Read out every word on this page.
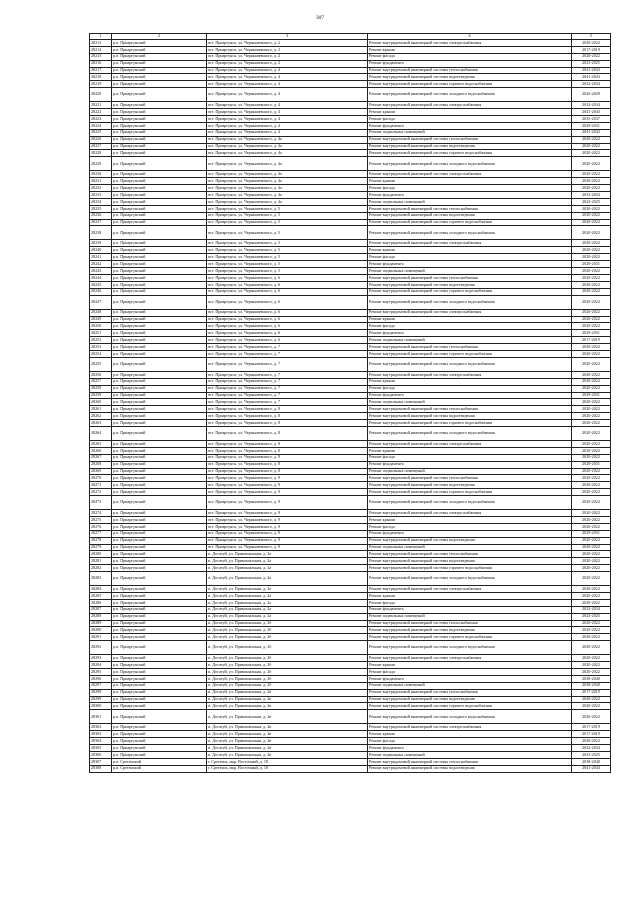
307
1	2	3	4	5
28213	р.п. Приаргунский	пгт. Приаргунск, ул. Чернышевского, д. 2	Ремонт внутридомовой инженерной системы электроснабжения	2020-2022
28214	р.п. Приаргунский	пгт. Приаргунск, ул. Чернышевского, д. 2	Ремонт крыши	2017-2019
28215	р.п. Приаргунский	пгт. Приаргунск, ул. Чернышевского, д. 2	Ремонт фасада	2020-2022
28216	р.п. Приаргунский	пгт. Приаргунск, ул. Чернышевского, д. 2	Ремонт фундамента	2023-2025
28217	р.п. Приаргунский	пгт. Приаргунск, ул. Чернышевского, д. 4	Ремонт внутридомовой инженерной системы теплоснабжения	2041-2043
28218	р.п. Приаргунский	пгт. Приаргунск, ул. Чернышевского, д. 4	Ремонт внутридомовой инженерной системы водоотведения	2041-2043
28219	р.п. Приаргунский	пгт. Приаргунск, ул. Чернышевского, д. 4	Ремонт внутридомовой инженерной системы горячего водоснабжения	2032-2034
28220	р.п. Приаргунский	пгт. Приаргунск, ул. Чернышевского, д. 4	Ремонт внутридомовой инженерной системы холодного водоснабжения	2026-2028
28221	р.п. Приаргунский	пгт. Приаргунск, ул. Чернышевского, д. 4	Ремонт внутридомовой инженерной системы электроснабжения	2032-2034
28222	р.п. Приаргунский	пгт. Приаргунск, ул. Чернышевского, д. 4	Ремонт крыши	2041-2043
28223	р.п. Приаргунский	пгт. Приаргунск, ул. Чернышевского, д. 4	Ремонт фасада	2035-2037
28224	р.п. Приаргунский	пгт. Приаргунск, ул. Чернышевского, д. 4	Ремонт фундамента	2029-2031
28225	р.п. Приаргунский	пгт. Приаргунск, ул. Чернышевского, д. 4	Ремонт подвальных помещений	2041-2043
28226	р.п. Приаргунский	пгт. Приаргунск, ул. Чернышевского, д. 4а	Ремонт внутридомовой инженерной системы теплоснабжения	2020-2022
28227	р.п. Приаргунский	пгт. Приаргунск, ул. Чернышевского, д. 4а	Ремонт внутридомовой инженерной системы водоотведения	2020-2022
28228	р.п. Приаргунский	пгт. Приаргунск, ул. Чернышевского, д. 4а	Ремонт внутридомовой инженерной системы горячего водоснабжения	2020-2022
28229	р.п. Приаргунский	пгт. Приаргунск, ул. Чернышевского, д. 4а	Ремонт внутридомовой инженерной системы холодного водоснабжения	2020-2022
28230	р.п. Приаргунский	пгт. Приаргунск, ул. Чернышевского, д. 4а	Ремонт внутридомовой инженерной системы электроснабжения	2020-2022
28231	р.п. Приаргунский	пгт. Приаргунск, ул. Чернышевского, д. 4а	Ремонт крыши	2020-2022
28232	р.п. Приаргунский	пгт. Приаргунск, ул. Чернышевского, д. 4а	Ремонт фасада	2020-2022
28233	р.п. Приаргунский	пгт. Приаргунск, ул. Чернышевского, д. 4а	Ремонт фундамента	2032-2034
28234	р.п. Приаргунский	пгт. Приаргунск, ул. Чернышевского, д. 4а	Ремонт подвальных помещений	2023-2025
28235	р.п. Приаргунский	пгт. Приаргунск, ул. Чернышевского, д. 5	Ремонт внутридомовой инженерной системы теплоснабжения	2020-2022
28236	р.п. Приаргунский	пгт. Приаргунск, ул. Чернышевского, д. 5	Ремонт внутридомовой инженерной системы водоотведения	2020-2022
28237	р.п. Приаргунский	пгт. Приаргунск, ул. Чернышевского, д. 5	Ремонт внутридомовой инженерной системы горячего водоснабжения	2020-2022
28238	р.п. Приаргунский	пгт. Приаргунск, ул. Чернышевского, д. 5	Ремонт внутридомовой инженерной системы холодного водоснабжения	2020-2022
28239	р.п. Приаргунский	пгт. Приаргунск, ул. Чернышевского, д. 5	Ремонт внутридомовой инженерной системы электроснабжения	2020-2022
28240	р.п. Приаргунский	пгт. Приаргунск, ул. Чернышевского, д. 5	Ремонт крыши	2020-2022
28241	р.п. Приаргунский	пгт. Приаргунск, ул. Чернышевского, д. 5	Ремонт фасада	2020-2022
28242	р.п. Приаргунский	пгт. Приаргунск, ул. Чернышевского, д. 5	Ремонт фундамента	2029-2031
28243	р.п. Приаргунский	пгт. Приаргунск, ул. Чернышевского, д. 5	Ремонт подвальных помещений	2020-2022
28244	р.п. Приаргунский	пгт. Приаргунск, ул. Чернышевского, д. 6	Ремонт внутридомовой инженерной системы теплоснабжения	2020-2022
28245	р.п. Приаргунский	пгт. Приаргунск, ул. Чернышевского, д. 6	Ремонт внутридомовой инженерной системы водоотведения	2020-2022
28246	р.п. Приаргунский	пгт. Приаргунск, ул. Чернышевского, д. 6	Ремонт внутридомовой инженерной системы горячего водоснабжения	2020-2022
28247	р.п. Приаргунский	пгт. Приаргунск, ул. Чернышевского, д. 6	Ремонт внутридомовой инженерной системы холодного водоснабжения	2020-2022
28248	р.п. Приаргунский	пгт. Приаргунск, ул. Чернышевского, д. 6	Ремонт внутридомовой инженерной системы электроснабжения	2020-2022
28249	р.п. Приаргунский	пгт. Приаргунск, ул. Чернышевского, д. 6	Ремонт крыши	2020-2022
28250	р.п. Приаргунский	пгт. Приаргунск, ул. Чернышевского, д. 6	Ремонт фасада	2020-2022
28251	р.п. Приаргунский	пгт. Приаргунск, ул. Чернышевского, д. 6	Ремонт фундамента	2029-2031
28252	р.п. Приаргунский	пгт. Приаргунск, ул. Чернышевского, д. 6	Ремонт подвальных помещений	2017-2019
28253	р.п. Приаргунский	пгт. Приаргунск, ул. Чернышевского, д. 7	Ремонт внутридомовой инженерной системы теплоснабжения	2020-2022
28254	р.п. Приаргунский	пгт. Приаргунск, ул. Чернышевского, д. 7	Ремонт внутридомовой инженерной системы горячего водоснабжения	2020-2022
28255	р.п. Приаргунский	пгт. Приаргунск, ул. Чернышевского, д. 7	Ремонт внутридомовой инженерной системы холодного водоснабжения	2020-2022
28256	р.п. Приаргунский	пгт. Приаргунск, ул. Чернышевского, д. 7	Ремонт внутридомовой инженерной системы электроснабжения	2020-2022
28257	р.п. Приаргунский	пгт. Приаргунск, ул. Чернышевского, д. 7	Ремонт крыши	2020-2022
28258	р.п. Приаргунский	пгт. Приаргунск, ул. Чернышевского, д. 7	Ремонт фасада	2020-2022
28259	р.п. Приаргунский	пгт. Приаргунск, ул. Чернышевского, д. 7	Ремонт фундамента	2029-2031
28260	р.п. Приаргунский	пгт. Приаргунск, ул. Чернышевского, д. 7	Ремонт подвальных помещений	2020-2022
28261	р.п. Приаргунский	пгт. Приаргунск, ул. Чернышевского, д. 8	Ремонт внутридомовой инженерной системы теплоснабжения	2020-2022
28262	р.п. Приаргунский	пгт. Приаргунск, ул. Чернышевского, д. 8	Ремонт внутридомовой инженерной системы водоотведения	2020-2022
28263	р.п. Приаргунский	пгт. Приаргунск, ул. Чернышевского, д. 8	Ремонт внутридомовой инженерной системы горячего водоснабжения	2020-2022
28264	р.п. Приаргунский	пгт. Приаргунск, ул. Чернышевского, д. 8	Ремонт внутридомовой инженерной системы холодного водоснабжения	2020-2022
28265	р.п. Приаргунский	пгт. Приаргунск, ул. Чернышевского, д. 8	Ремонт внутридомовой инженерной системы электроснабжения	2020-2022
28266	р.п. Приаргунский	пгт. Приаргунск, ул. Чернышевского, д. 8	Ремонт крыши	2020-2022
28267	р.п. Приаргунский	пгт. Приаргунск, ул. Чернышевского, д. 8	Ремонт фасада	2020-2022
28268	р.п. Приаргунский	пгт. Приаргунск, ул. Чернышевского, д. 8	Ремонт фундамента	2029-2031
28269	р.п. Приаргунский	пгт. Приаргунск, ул. Чернышевского, д. 8	Ремонт подвальных помещений	2020-2022
28270	р.п. Приаргунский	пгт. Приаргунск, ул. Чернышевского, д. 9	Ремонт внутридомовой инженерной системы теплоснабжения	2020-2022
28271	р.п. Приаргунский	пгт. Приаргунск, ул. Чернышевского, д. 9	Ремонт внутридомовой инженерной системы водоотведения	2020-2022
28272	р.п. Приаргунский	пгт. Приаргунск, ул. Чернышевского, д. 9	Ремонт внутридомовой инженерной системы горячего водоснабжения	2020-2022
28273	р.п. Приаргунский	пгт. Приаргунск, ул. Чернышевского, д. 9	Ремонт внутридомовой инженерной системы холодного водоснабжения	2020-2022
28274	р.п. Приаргунский	пгт. Приаргунск, ул. Чернышевского, д. 9	Ремонт внутридомовой инженерной системы электроснабжения	2020-2022
28275	р.п. Приаргунский	пгт. Приаргунск, ул. Чернышевского, д. 9	Ремонт крыши	2020-2022
28276	р.п. Приаргунский	пгт. Приаргунск, ул. Чернышевского, д. 9	Ремонт фасада	2020-2022
28277	р.п. Приаргунский	пгт. Приаргунск, ул. Чернышевского, д. 9	Ремонт фундамента	2029-2031
28278	р.п. Приаргунский	пгт. Приаргунск, ул. Чернышевского, д. 9	Ремонт внутридомовой инженерной системы водоотведения	2020-2022
28279	р.п. Приаргунский	пгт. Приаргунск, ул. Чернышевского, д. 9	Ремонт подвальных помещений	2020-2022
28280	р.п. Приаргунский	п. Досатуй, ул. Привокзальная, д. 2а	Ремонт внутридомовой инженерной системы теплоснабжения	2020-2022
28281	р.п. Приаргунский	п. Досатуй, ул. Привокзальная, д. 2а	Ремонт внутридомовой инженерной системы водоотведения	2020-2022
28282	р.п. Приаргунский	п. Досатуй, ул. Привокзальная, д. 2а	Ремонт внутридомовой инженерной системы горячего водоснабжения	2020-2022
28283	р.п. Приаргунский	п. Досатуй, ул. Привокзальная, д. 2а	Ремонт внутридомовой инженерной системы холодного водоснабжения	2020-2022
28284	р.п. Приаргунский	п. Досатуй, ул. Привокзальная, д. 2а	Ремонт внутридомовой инженерной системы электроснабжения	2020-2022
28285	р.п. Приаргунский	п. Досатуй, ул. Привокзальная, д. 2а	Ремонт крыши	2020-2022
28286	р.п. Приаргунский	п. Досатуй, ул. Привокзальная, д. 2а	Ремонт фасада	2020-2022
28287	р.п. Приаргунский	п. Досатуй, ул. Привокзальная, д. 2а	Ремонт фундамента	2032-2034
28288	р.п. Приаргунский	п. Досатуй, ул. Привокзальная, д. 2а	Ремонт подвальных помещений	2023-2025
28289	р.п. Приаргунский	п. Досатуй, ул. Привокзальная, д. 2б	Ремонт внутридомовой инженерной системы теплоснабжения	2020-2022
28290	р.п. Приаргунский	п. Досатуй, ул. Привокзальная, д. 2б	Ремонт внутридомовой инженерной системы водоотведения	2020-2022
28291	р.п. Приаргунский	п. Досатуй, ул. Привокзальная, д. 2б	Ремонт внутридомовой инженерной системы горячего водоснабжения	2020-2022
28292	р.п. Приаргунский	п. Досатуй, ул. Привокзальная, д. 2б	Ремонт внутридомовой инженерной системы холодного водоснабжения	2020-2022
28293	р.п. Приаргунский	п. Досатуй, ул. Привокзальная, д. 2б	Ремонт внутридомовой инженерной системы электроснабжения	2020-2022
28294	р.п. Приаргунский	п. Досатуй, ул. Привокзальная, д. 2б	Ремонт крыши	2020-2022
28295	р.п. Приаргунский	п. Досатуй, ул. Привокзальная, д. 2б	Ремонт фасада	2020-2022
28296	р.п. Приаргунский	п. Досатуй, ул. Привокзальная, д. 2б	Ремонт фундамента	2038-2040
28297	р.п. Приаргунский	п. Досатуй, ул. Привокзальная, д. 2б	Ремонт подвальных помещений	2038-2040
28298	р.п. Приаргунский	п. Досатуй, ул. Привокзальная, д. 2в	Ремонт внутридомовой инженерной системы теплоснабжения	2017-2019
28299	р.п. Приаргунский	п. Досатуй, ул. Привокзальная, д. 2в	Ремонт внутридомовой инженерной системы водоотведения	2020-2022
28300	р.п. Приаргунский	п. Досатуй, ул. Привокзальная, д. 2в	Ремонт внутридомовой инженерной системы горячего водоснабжения	2020-2022
28301	р.п. Приаргунский	п. Досатуй, ул. Привокзальная, д. 2в	Ремонт внутридомовой инженерной системы холодного водоснабжения	2020-2022
28302	р.п. Приаргунский	п. Досатуй, ул. Привокзальная, д. 2в	Ремонт внутридомовой инженерной системы электроснабжения	2017-2019
28303	р.п. Приаргунский	п. Досатуй, ул. Привокзальная, д. 2в	Ремонт крыши	2017-2019
28304	р.п. Приаргунский	п. Досатуй, ул. Привокзальная, д. 2в	Ремонт фасада	2020-2022
28305	р.п. Приаргунский	п. Досатуй, ул. Привокзальная, д. 2в	Ремонт фундамента	2032-2034
28306	р.п. Приаргунский	п. Досатуй, ул. Привокзальная, д. 2в	Ремонт подвальных помещений	2023-2025
28307	р.п. Сретенский	г. Сретенск, мкр. Восточный, д. 18	Ремонт внутридомовой инженерной системы теплоснабжения	2038-2040
28308	р.п. Сретенский	г. Сретенск, мкр. Восточный, д. 18	Ремонт внутридомовой инженерной системы водоотведения	2041-2043
